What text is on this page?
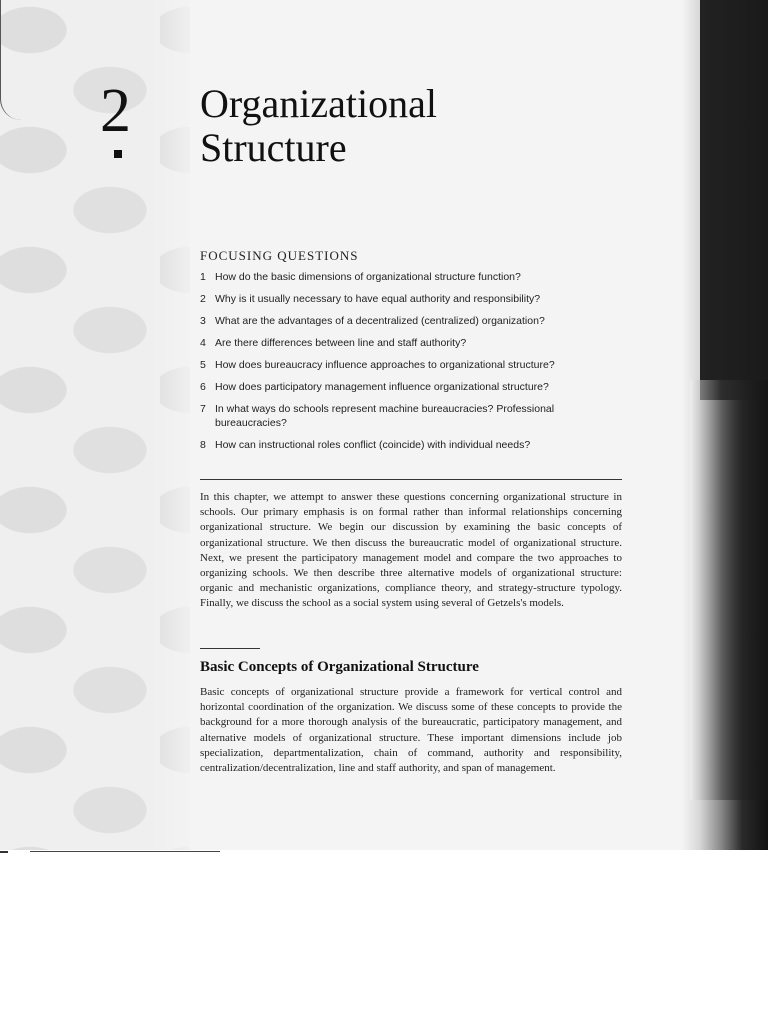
2 Organizational
Structure
FOCUSING QUESTIONS
1 How do the basic dimensions of organizational structure function?
2 Why is it usually necessary to have equal authority and responsibility?
3 What are the advantages of a decentralized (centralized) organization?
4 Are there differences between line and staff authority?
5 How does bureaucracy influence approaches to organizational structure?
6 How does participatory management influence organizational structure?
7 In what ways do schools represent machine bureaucracies? Professional bureaucracies?
8 How can instructional roles conflict (coincide) with individual needs?

In this chapter, we attempt to answer these questions concerning organizational structure in schools. Our primary emphasis is on formal rather than informal relationships concerning organizational structure. We begin our discussion by examining the basic concepts of organizational structure. We then discuss the bureaucratic model of organizational structure. Next, we present the participatory management model and compare the two approaches to organizing schools. We then describe three alternative models of organizational structure: organic and mechanistic organizations, compliance theory, and strategy-structure typology. Finally, we discuss the school as a social system using several of Getzels's models.

Basic Concepts of Organizational Structure

Basic concepts of organizational structure provide a framework for vertical control and horizontal coordination of the organization. We discuss some of these concepts to provide the background for a more thorough analysis of the bureaucratic, participatory management, and alternative models of organizational structure. These important dimensions include job specialization, departmentalization, chain of command, authority and responsibility, centralization/decentralization, line and staff authority, and span of management.
